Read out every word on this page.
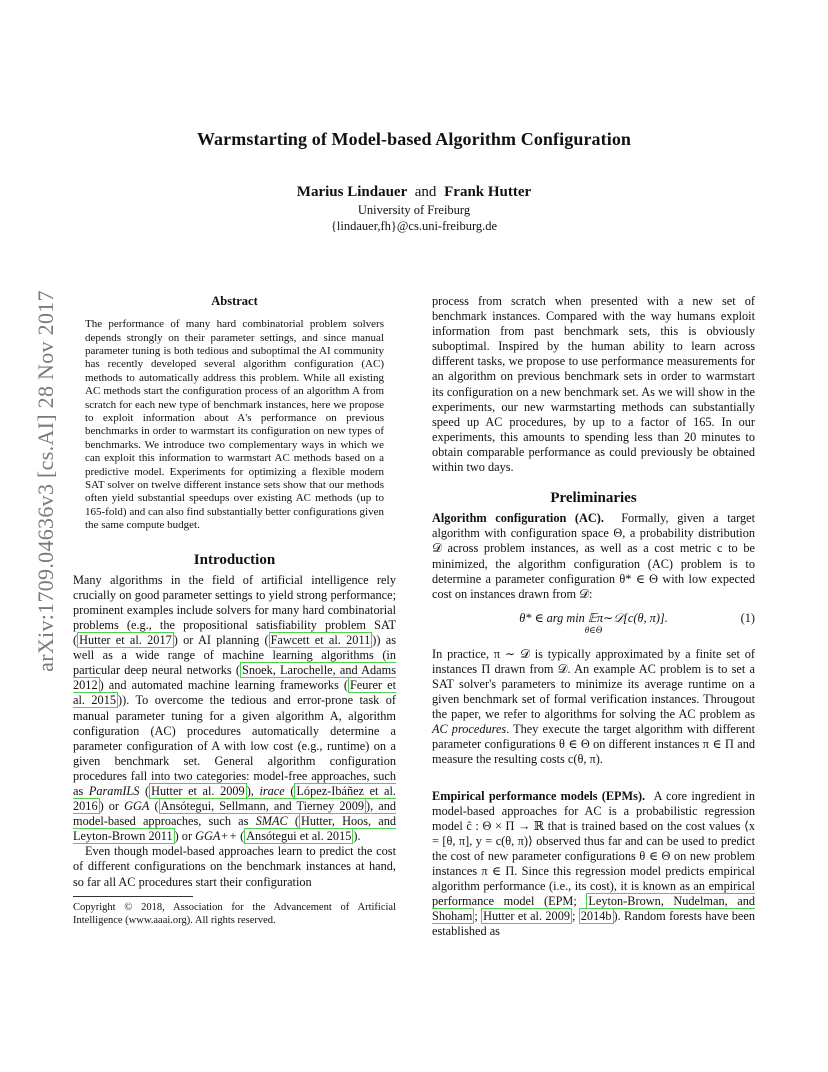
Warmstarting of Model-based Algorithm Configuration
Marius Lindauer and Frank Hutter
University of Freiburg
{lindauer,fh}@cs.uni-freiburg.de
arXiv:1709.04636v3 [cs.AI] 28 Nov 2017	Abstract

The performance of many hard combinatorial problem solvers depends strongly on their parameter settings, and since manual parameter tuning is both tedious and suboptimal the AI community has recently developed several algorithm configuration (AC) methods to automatically address this problem. While all existing AC methods start the configuration process of an algorithm A from scratch for each new type of benchmark instances, here we propose to exploit information about A's performance on previous benchmarks in order to warmstart its configuration on new types of benchmarks. We introduce two complementary ways in which we can exploit this information to warmstart AC methods based on a predictive model. Experiments for optimizing a flexible modern SAT solver on twelve different instance sets show that our methods often yield substantial speedups over existing AC methods (up to 165-fold) and can also find substantially better configurations given the same compute budget.

Introduction

Many algorithms in the field of artificial intelligence rely crucially on good parameter settings to yield strong performance; prominent examples include solvers for many hard combinatorial problems (e.g., the propositional satisfiability problem SAT ( Hutter et al. 2017 ) or AI planning ( Fawcett et al. 2011 )) as well as a wide range of machine learning algorithms (in particular deep neural networks ( Snoek, Larochelle, and Adams 2012 ) and automated machine learning frameworks ( Feurer et al. 2015 )). To overcome the tedious and error-prone task of manual parameter tuning for a given algorithm A, algorithm configuration (AC) procedures automatically determine a parameter configuration of A with low cost (e.g., runtime) on a given benchmark set. General algorithm configuration procedures fall into two categories: model-free approaches, such as ParamILS ( Hutter et al. 2009 ), irace ( López-Ibáñez et al. 2016 ) or GGA ( Ansótegui, Sellmann, and Tierney 2009 ), and model-based approaches, such as SMAC ( Hutter, Hoos, and Leyton-Brown 2011 ) or GGA++ ( Ansótegui et al. 2015 ).

Even though model-based approaches learn to predict the cost of different configurations on the benchmark instances at hand, so far all AC procedures start their configuration

Copyright © 2018, Association for the Advancement of Artificial Intelligence (www.aaai.org). All rights reserved.

process from scratch when presented with a new set of benchmark instances. Compared with the way humans exploit information from past benchmark sets, this is obviously suboptimal. Inspired by the human ability to learn across different tasks, we propose to use performance measurements for an algorithm on previous benchmark sets in order to warmstart its configuration on a new benchmark set. As we will show in the experiments, our new warmstarting methods can substantially speed up AC procedures, by up to a factor of 165. In our experiments, this amounts to spending less than 20 minutes to obtain comparable performance as could previously be obtained within two days.

Preliminaries

Algorithm configuration (AC). Formally, given a target algorithm with configuration space Θ, a probability distribution 𝒟 across problem instances, as well as a cost metric c to be minimized, the algorithm configuration (AC) problem is to determine a parameter configuration θ* ∈ Θ with low expected cost on instances drawn from 𝒟:

θ* ∈ arg min 𝔼π∼𝒟[c(θ, π)].
θ∈Θ
(1)

In practice, π ∼ 𝒟 is typically approximated by a finite set of instances Π drawn from 𝒟. An example AC problem is to set a SAT solver's parameters to minimize its average runtime on a given benchmark set of formal verification instances. Througout the paper, we refer to algorithms for solving the AC problem as AC procedures. They execute the target algorithm with different parameter configurations θ ∈ Θ on different instances π ∈ Π and measure the resulting costs c(θ, π).

Empirical performance models (EPMs). A core ingredient in model-based approaches for AC is a probabilistic regression model ĉ : Θ × Π → ℝ that is trained based on the cost values ⟨x = [θ, π], y = c(θ, π)⟩ observed thus far and can be used to predict the cost of new parameter configurations θ ∈ Θ on new problem instances π ∈ Π. Since this regression model predicts empirical algorithm performance (i.e., its cost), it is known as an empirical performance model (EPM; Leyton-Brown, Nudelman, and Shoham ; Hutter et al. 2009 ; 2014b ). Random forests have been established as
